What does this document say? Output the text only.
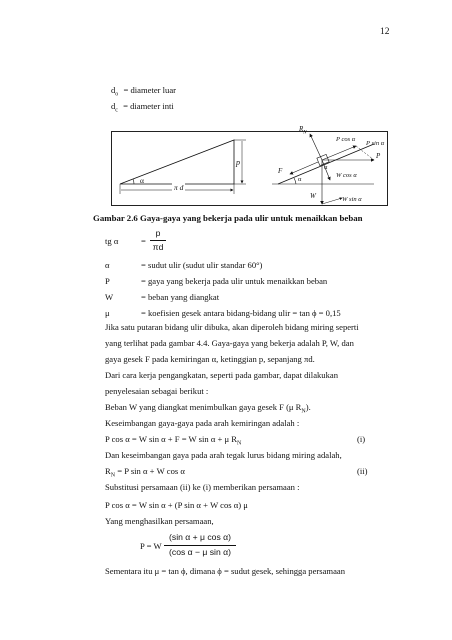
12
$d_o$ = diameter luar
$d_c$ = diameter inti
p
α
π d
$R_N$
P cos α
P sin α
P
F
α
α
W cos α
W	W sin α
Gambar 2.6 Gaya-gaya yang bekerja pada ulir untuk menaikkan beban
tg α	=
p
πd
α	= sudut ulir (sudut ulir standar 60°)
P	= gaya yang bekerja pada ulir untuk menaikkan beban
W	= beban yang diangkat
μ	= koefisien gesek antara bidang-bidang ulir = tan ϕ = 0,15
Jika satu putaran bidang ulir dibuka, akan diperoleh bidang miring seperti
yang terlihat pada gambar 4.4. Gaya-gaya yang bekerja adalah P, W, dan
gaya gesek F pada kemiringan α, ketinggian p, sepanjang πd.
Dari cara kerja pengangkatan, seperti pada gambar, dapat dilakukan
penyelesaian sebagai berikut :
Beban W yang diangkat menimbulkan gaya gesek F (μ $R_N$).
Keseimbangan gaya-gaya pada arah kemiringan adalah :
P cos α = W sin α + F = W sin α + μ $R_N$	(i)
Dan keseimbangan gaya pada arah tegak lurus bidang miring adalah,
$R_N = P$ sin α + W cos α	(ii)
Substitusi persamaan (ii) ke (i) memberikan persamaan :
P cos α = W sin α + (P sin α + W cos α) μ
Yang menghasilkan persamaan,
P = W
(sin α + μ cos α)
(cos α − μ sin α)
Sementara itu μ = tan ϕ, dimana ϕ = sudut gesek, sehingga persamaan
